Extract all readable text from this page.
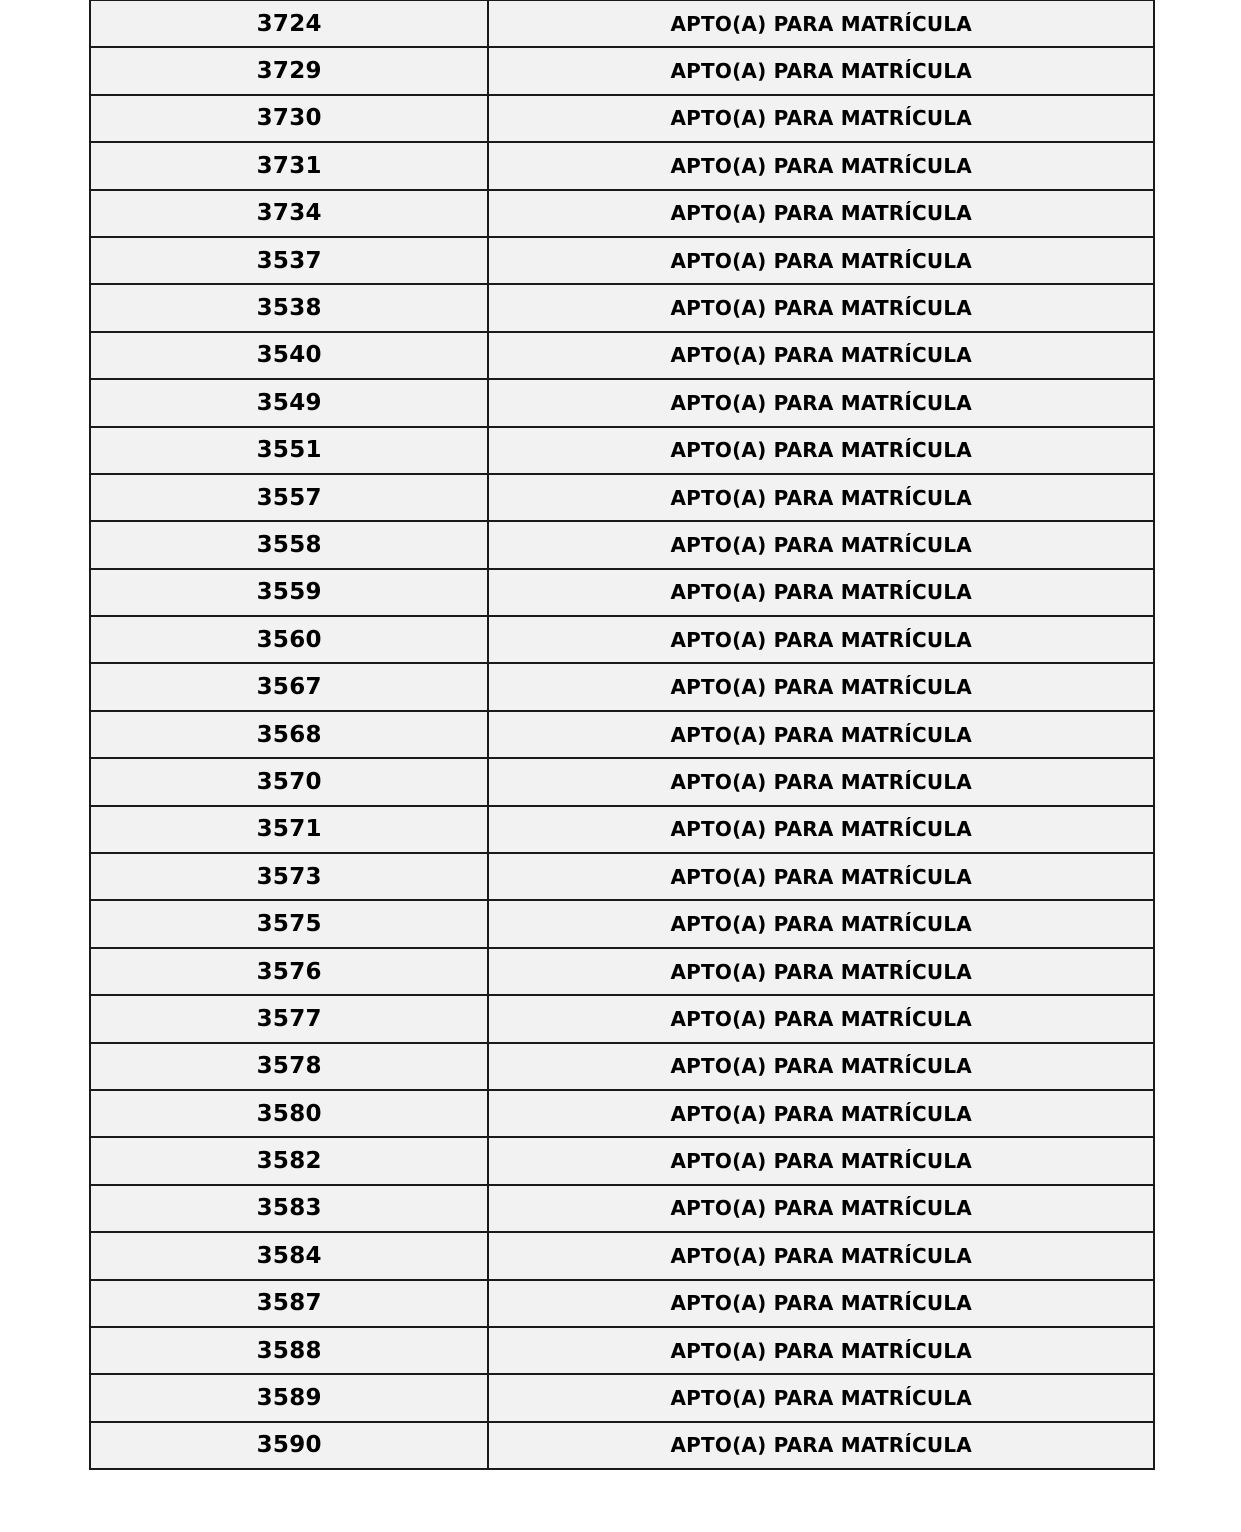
3724	APTO(A) PARA MATRÍCULA
3729	APTO(A) PARA MATRÍCULA
3730	APTO(A) PARA MATRÍCULA
3731	APTO(A) PARA MATRÍCULA
3734	APTO(A) PARA MATRÍCULA
3537	APTO(A) PARA MATRÍCULA
3538	APTO(A) PARA MATRÍCULA
3540	APTO(A) PARA MATRÍCULA
3549	APTO(A) PARA MATRÍCULA
3551	APTO(A) PARA MATRÍCULA
3557	APTO(A) PARA MATRÍCULA
3558	APTO(A) PARA MATRÍCULA
3559	APTO(A) PARA MATRÍCULA
3560	APTO(A) PARA MATRÍCULA
3567	APTO(A) PARA MATRÍCULA
3568	APTO(A) PARA MATRÍCULA
3570	APTO(A) PARA MATRÍCULA
3571	APTO(A) PARA MATRÍCULA
3573	APTO(A) PARA MATRÍCULA
3575	APTO(A) PARA MATRÍCULA
3576	APTO(A) PARA MATRÍCULA
3577	APTO(A) PARA MATRÍCULA
3578	APTO(A) PARA MATRÍCULA
3580	APTO(A) PARA MATRÍCULA
3582	APTO(A) PARA MATRÍCULA
3583	APTO(A) PARA MATRÍCULA
3584	APTO(A) PARA MATRÍCULA
3587	APTO(A) PARA MATRÍCULA
3588	APTO(A) PARA MATRÍCULA
3589	APTO(A) PARA MATRÍCULA
3590	APTO(A) PARA MATRÍCULA
